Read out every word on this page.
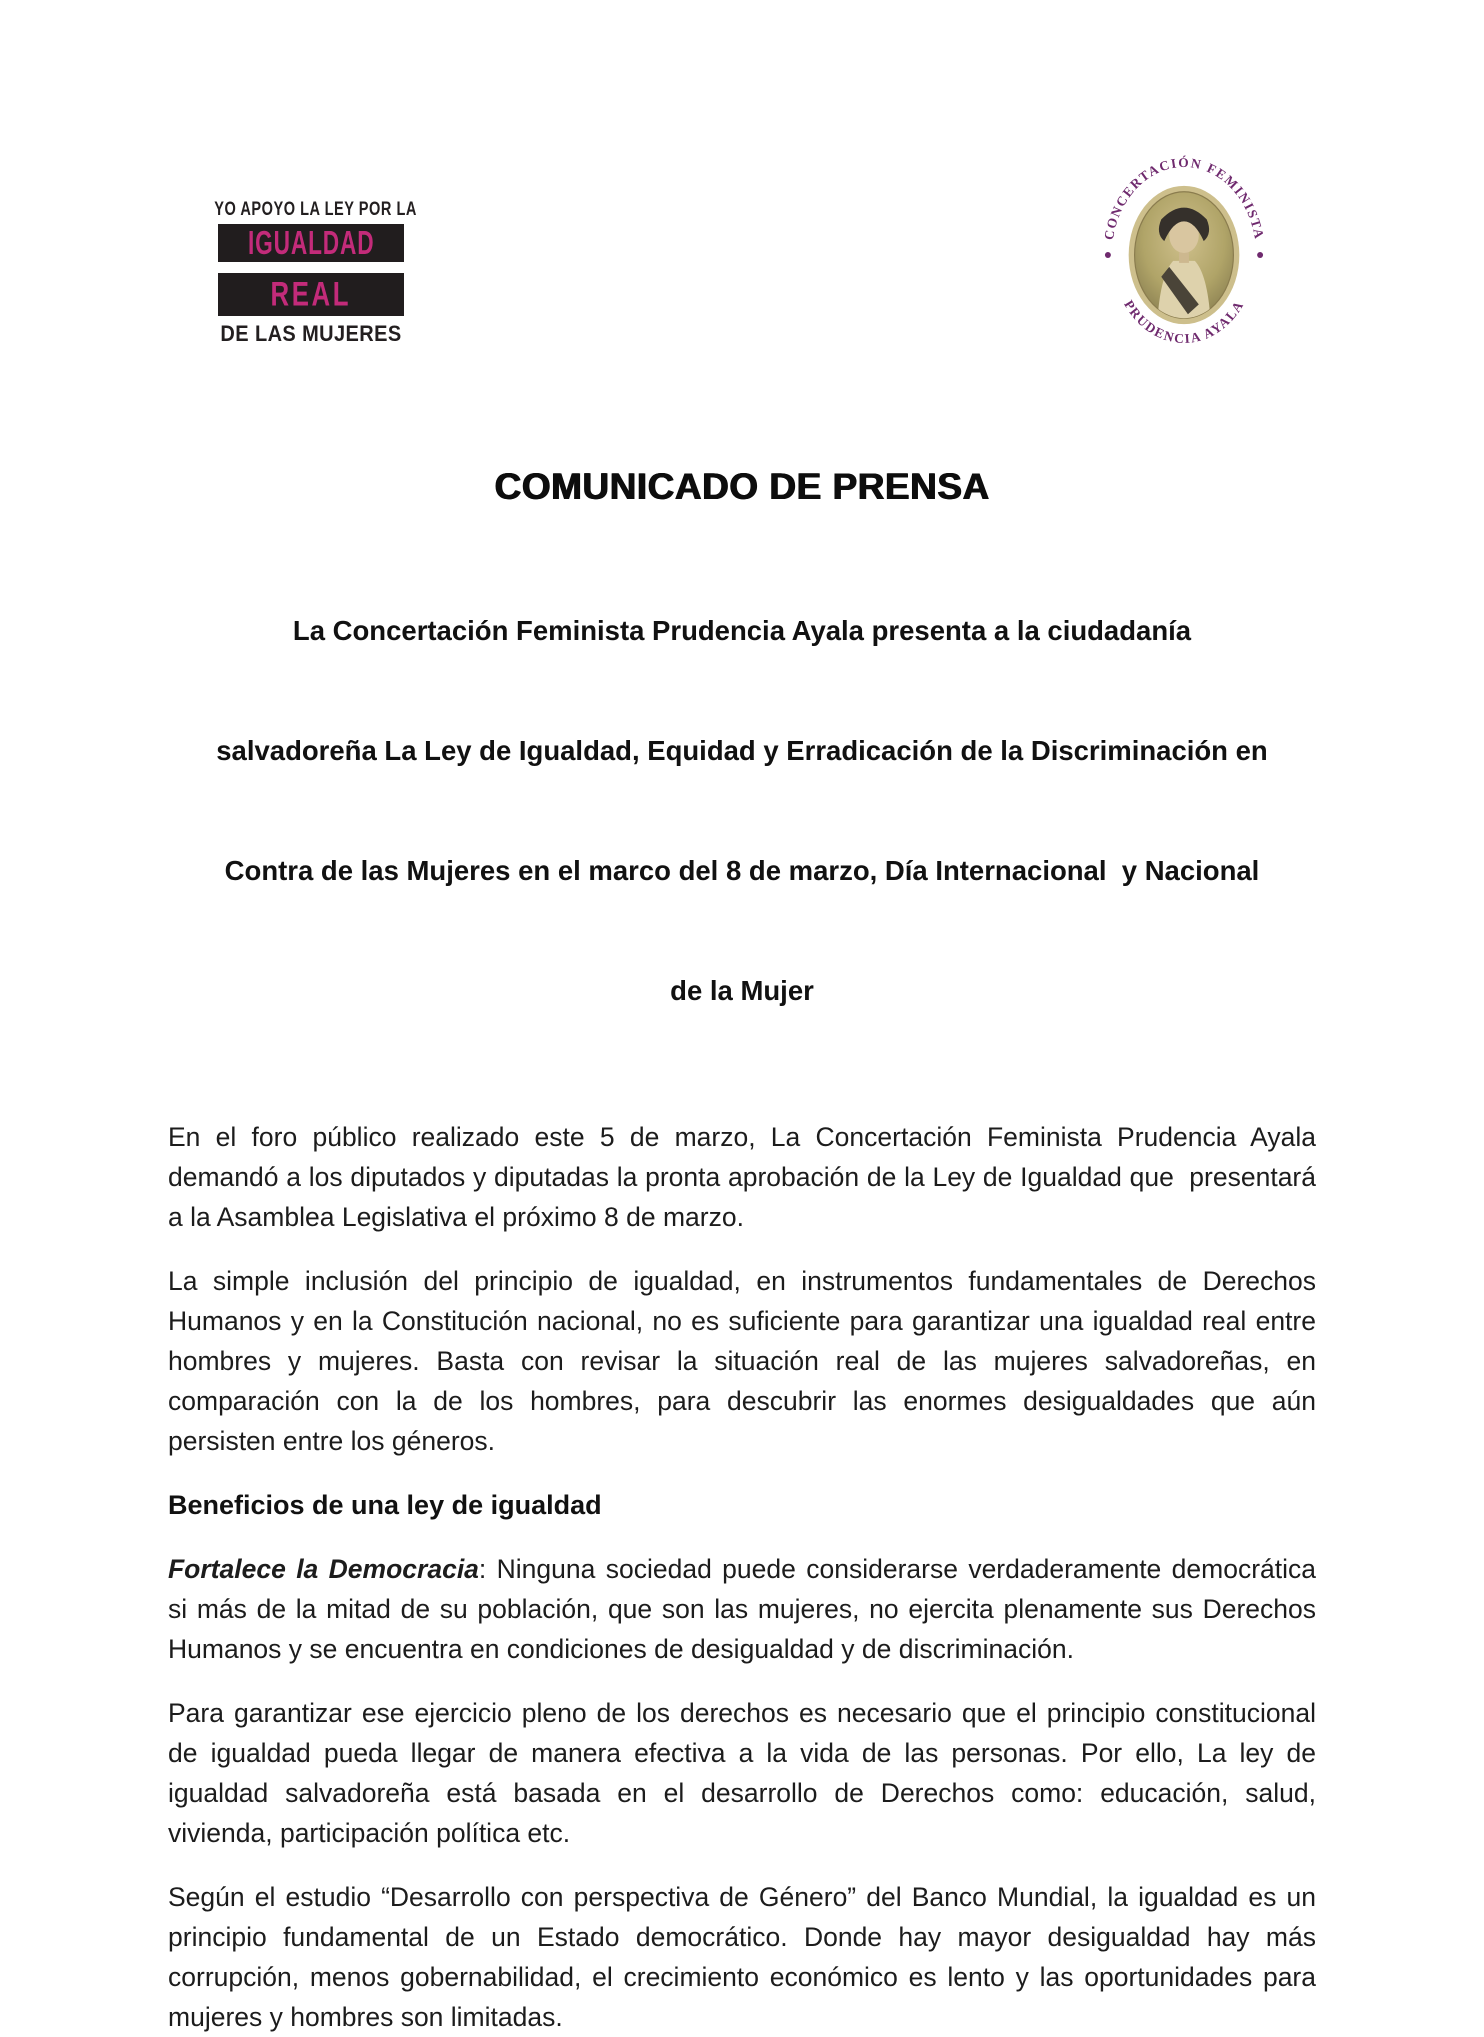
YO APOYO LA LEY POR LA
IGUALDAD
REAL
DE LAS MUJERES
CONCERTACIÓN FEMINISTA
PRUDENCIA AYALA
COMUNICADO DE PRENSA

La Concertación Feminista Prudencia Ayala presenta a la ciudadanía

salvadoreña La Ley de Igualdad, Equidad y Erradicación de la Discriminación en

Contra de las Mujeres en el marco del 8 de marzo, Día Internacional  y Nacional

de la Mujer

En el foro público realizado este 5 de marzo, La Concertación Feminista Prudencia Ayala demandó a los diputados y diputadas la pronta aprobación de la Ley de Igualdad que  presentará a la Asamblea Legislativa el próximo 8 de marzo.

La simple inclusión del principio de igualdad, en instrumentos fundamentales de Derechos Humanos y en la Constitución nacional, no es suficiente para garantizar una igualdad real entre hombres y mujeres. Basta con revisar la situación real de las mujeres salvadoreñas, en comparación con la de los hombres, para descubrir las enormes desigualdades que aún persisten entre los géneros.

Beneficios de una ley de igualdad

Fortalece la Democracia: Ninguna sociedad puede considerarse verdaderamente democrática si más de la mitad de su población, que son las mujeres, no ejercita plenamente sus Derechos Humanos y se encuentra en condiciones de desigualdad y de discriminación.

Para garantizar ese ejercicio pleno de los derechos es necesario que el principio constitucional de igualdad pueda llegar de manera efectiva a la vida de las personas. Por ello, La ley de igualdad salvadoreña está basada en el desarrollo de Derechos como: educación, salud, vivienda, participación política etc.

Según el estudio “Desarrollo con perspectiva de Género” del Banco Mundial, la igualdad es un principio fundamental de un Estado democrático. Donde hay mayor desigualdad hay más corrupción, menos gobernabilidad, el crecimiento económico es lento y las oportunidades para mujeres y hombres son limitadas.
